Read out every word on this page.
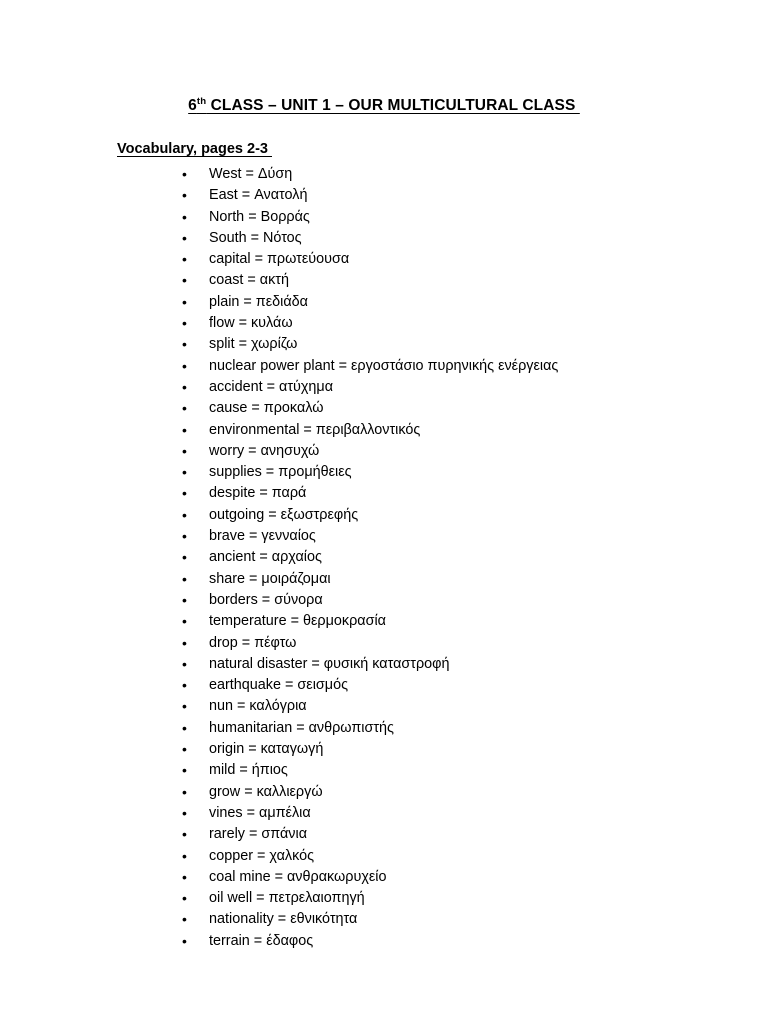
6th CLASS – UNIT 1 – OUR MULTICULTURAL CLASS
Vocabulary, pages 2-3
•	West = Δύση
•	East = Ανατολή
•	North = Βορράς
•	South = Νότος
•	capital = πρωτεύουσα
•	coast = ακτή
•	plain = πεδιάδα
•	flow = κυλάω
•	split = χωρίζω
•	nuclear power plant = εργοστάσιο πυρηνικής ενέργειας
•	accident = ατύχημα
•	cause = προκαλώ
•	environmental = περιβαλλοντικός
•	worry = ανησυχώ
•	supplies = προμήθειες
•	despite = παρά
•	outgoing = εξωστρεφής
•	brave = γενναίος
•	ancient = αρχαίος
•	share = μοιράζομαι
•	borders = σύνορα
•	temperature = θερμοκρασία
•	drop = πέφτω
•	natural disaster = φυσική καταστροφή
•	earthquake = σεισμός
•	nun = καλόγρια
•	humanitarian = ανθρωπιστής
•	origin = καταγωγή
•	mild = ήπιος
•	grow = καλλιεργώ
•	vines = αμπέλια
•	rarely = σπάνια
•	copper = χαλκός
•	coal mine = ανθρακωρυχείο
•	oil well = πετρελαιοπηγή
•	nationality = εθνικότητα
•	terrain = έδαφος
